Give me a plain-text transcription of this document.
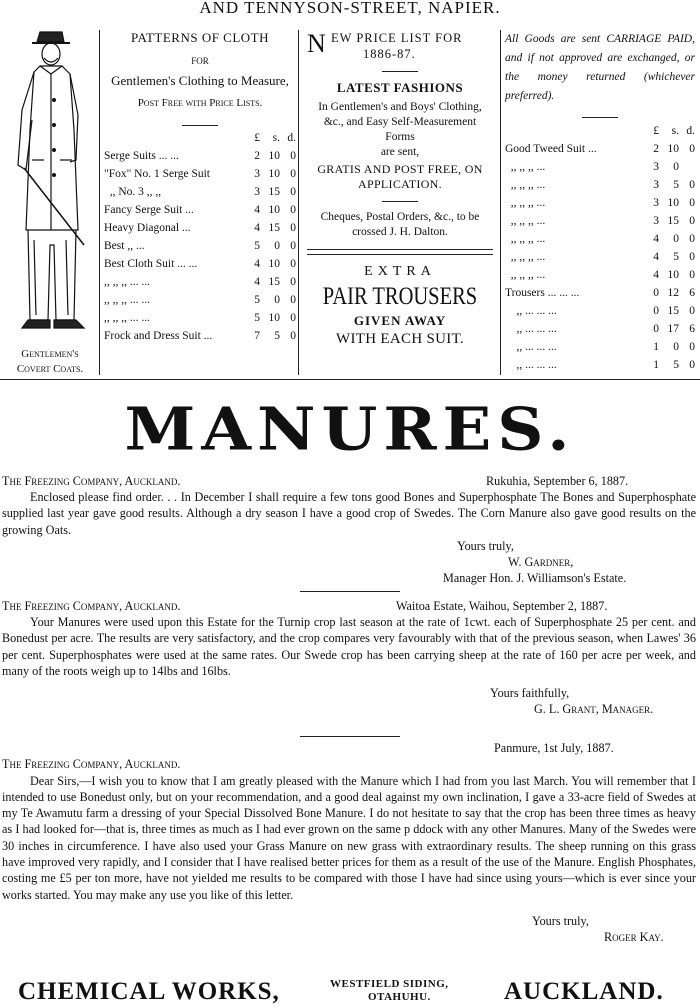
AND TENNYSON-STREET, NAPIER.
Gentlemen's
Covert Coats.
PATTERNS OF CLOTH
FOR
Gentlemen's Clothing to Measure,
Post Free with Price Lists.
£	s. d.
Serge Suits ... ...	2 10 0
"Fox" No. 1 Serge Suit	3 10 0
,, No. 3 ,, ,,	3 15 0
Fancy Serge Suit ...	4 10 0
Heavy Diagonal ...	4 15 0
Best ,, ...	5	0 0
Best Cloth Suit ... ...	4 10 0
,, ,, ,, ... ...	4 15 0
,, ,, ,, ... ...	5	0 0
,, ,, ,, ... ...	5 10 0
Frock and Dress Suit ...	7	5 0
N EW PRICE LIST FOR
1886-87.
LATEST FASHIONS
In Gentlemen's and Boys' Clothing, &c., and Easy Self-Measurement Forms
are sent,
GRATIS AND POST FREE, ON APPLICATION.
Cheques, Postal Orders, &c., to be crossed J. H. Dalton.
EXTRA
PAIR TROUSERS
GIVEN AWAY
WITH EACH SUIT.
All Goods are sent CARRIAGE PAID, and if not approved are exchanged, or the money returned (whichever preferred).
£	s. d.
Good Tweed Suit ...	2 10 0
,, ,, ,, ...	3	0
,, ,, ,, ...	3	5 0
,, ,, ,, ...	3 10 0
,, ,, ,, ...	3 15 0
,, ,, ,, ...	4	0 0
,, ,, ,, ...	4	5 0
,, ,, ,, ...	4 10 0
Trousers ... ... ...	0 12 6
,, ... ... ...	0 15 0
,, ... ... ...	0 17 6
,, ... ... ...	1	0 0
,, ... ... ...	1	5 0
MANURES.
The Freezing Company, Auckland.	Rukuhia, September 6, 1887.

Enclosed please find order. . . In December I shall require a few tons good Bones and Superphosphate The Bones and Superphosphate supplied last year gave good results. Although a dry season I have a good crop of Swedes. The Corn Manure also gave good results on the growing Oats.

Yours truly,
W. Gardner,
Manager Hon. J. Williamson's Estate.
The Freezing Company, Auckland.	Waitoa Estate, Waihou, September 2, 1887.

Your Manures were used upon this Estate for the Turnip crop last season at the rate of 1cwt. each of Superphosphate 25 per cent. and Bonedust per acre. The results are very satisfactory, and the crop compares very favourably with that of the previous season, when Lawes' 36 per cent. Superphosphates were used at the same rates. Our Swede crop has been carrying sheep at the rate of 160 per acre per week, and many of the roots weigh up to 14lbs and 16lbs.

Yours faithfully,
G. L. Grant, Manager.
Panmure, 1st July, 1887.
The Freezing Company, Auckland.

Dear Sirs,—I wish you to know that I am greatly pleased with the Manure which I had from you last March. You will remember that I intended to use Bonedust only, but on your recommendation, and a good deal against my own inclination, I gave a 33-acre field of Swedes at my Te Awamutu farm a dressing of your Special Dissolved Bone Manure. I do not hesitate to say that the crop has been three times as heavy as I had looked for—that is, three times as much as I had ever grown on the same p ddock with any other Manures. Many of the Swedes were 30 inches in circumference. I have also used your Grass Manure on new grass with extraordinary results. The sheep running on this grass have improved very rapidly, and I consider that I have realised better prices for them as a result of the use of the Manure. English Phosphates, costing me £5 per ton more, have not yielded me results to be compared with those I have had since using yours—which is ever since your works started. You may make any use you like of this letter.

Yours truly,
Roger Kay.
CHEMICAL WORKS,	WESTFIELD SIDING,
OTAHUHU.	AUCKLAND.
